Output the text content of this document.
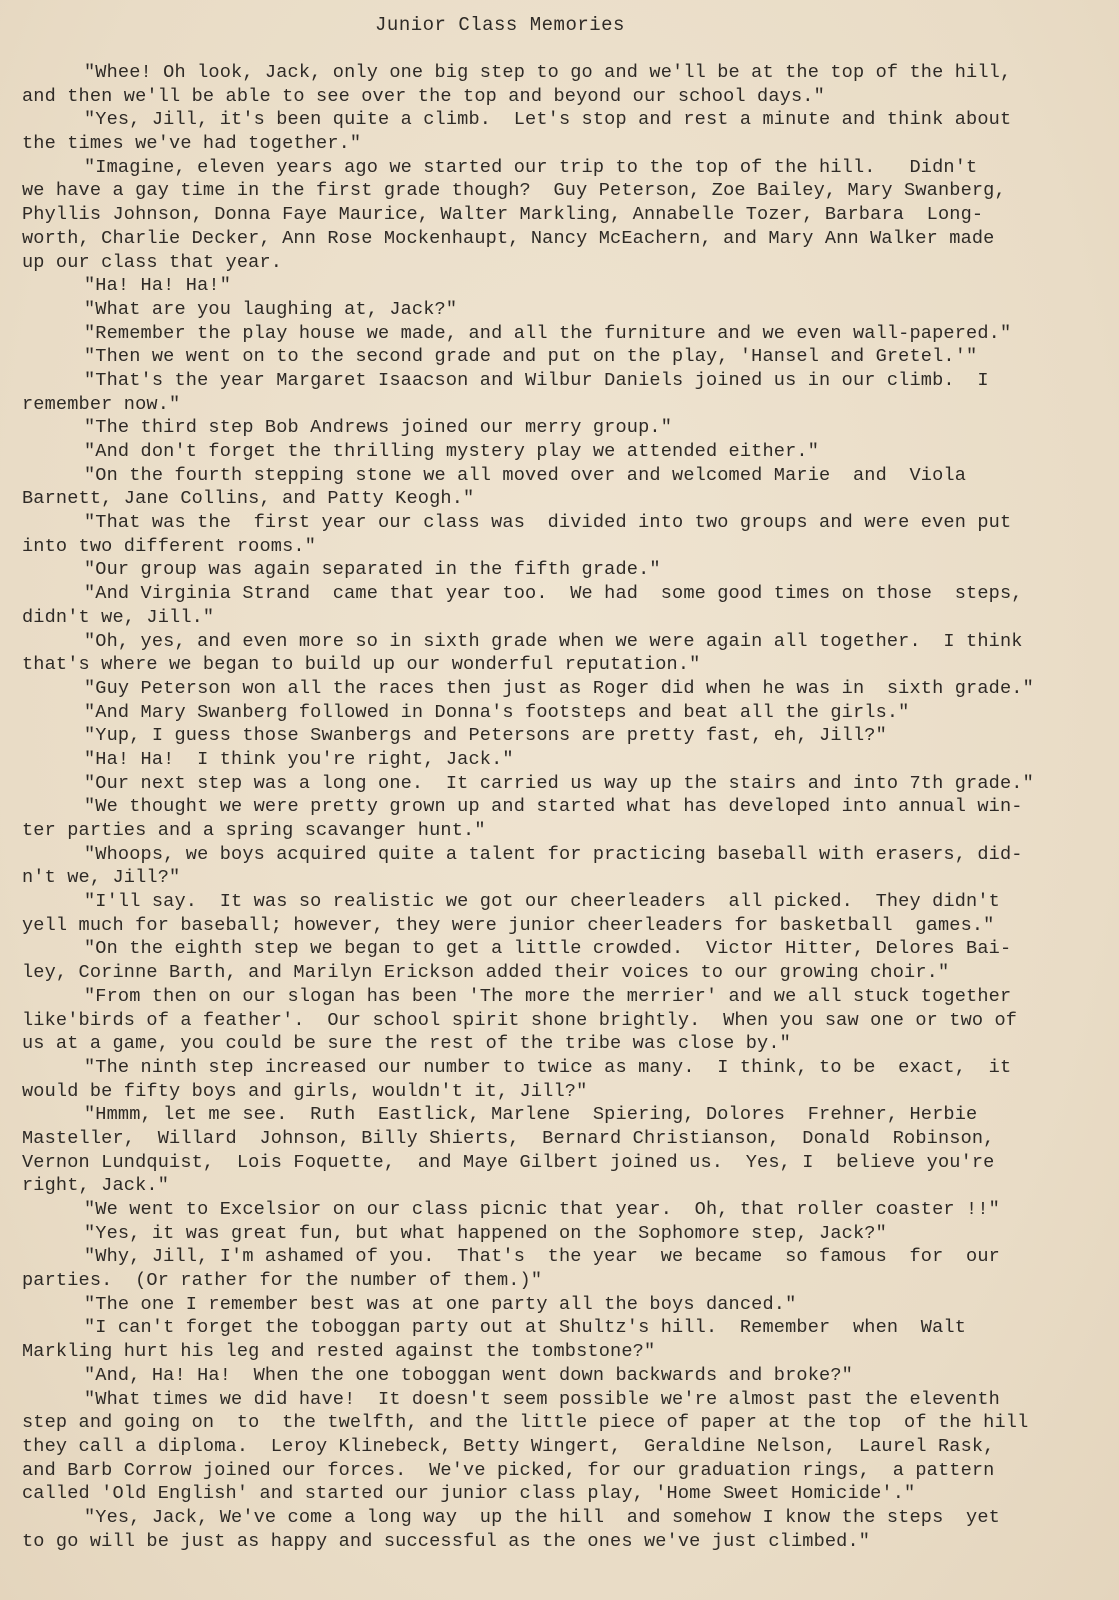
Junior Class Memories
"Whee! Oh look, Jack, only one big step to go and we'll be at the top of the hill,
and then we'll be able to see over the top and beyond our school days."
"Yes, Jill, it's been quite a climb.  Let's stop and rest a minute and think about
the times we've had together."
"Imagine, eleven years ago we started our trip to the top of the hill.   Didn't
we have a gay time in the first grade though?  Guy Peterson, Zoe Bailey, Mary Swanberg,
Phyllis Johnson, Donna Faye Maurice, Walter Markling, Annabelle Tozer, Barbara  Long-
worth, Charlie Decker, Ann Rose Mockenhaupt, Nancy McEachern, and Mary Ann Walker made
up our class that year.
"Ha! Ha! Ha!"
"What are you laughing at, Jack?"
"Remember the play house we made, and all the furniture and we even wall-papered."
"Then we went on to the second grade and put on the play, 'Hansel and Gretel.'"
"That's the year Margaret Isaacson and Wilbur Daniels joined us in our climb.  I
remember now."
"The third step Bob Andrews joined our merry group."
"And don't forget the thrilling mystery play we attended either."
"On the fourth stepping stone we all moved over and welcomed Marie  and  Viola
Barnett, Jane Collins, and Patty Keogh."
"That was the  first year our class was  divided into two groups and were even put
into two different rooms."
"Our group was again separated in the fifth grade."
"And Virginia Strand  came that year too.  We had  some good times on those  steps,
didn't we, Jill."
"Oh, yes, and even more so in sixth grade when we were again all together.  I think
that's where we began to build up our wonderful reputation."
"Guy Peterson won all the races then just as Roger did when he was in  sixth grade."
"And Mary Swanberg followed in Donna's footsteps and beat all the girls."
"Yup, I guess those Swanbergs and Petersons are pretty fast, eh, Jill?"
"Ha! Ha!  I think you're right, Jack."
"Our next step was a long one.  It carried us way up the stairs and into 7th grade."
"We thought we were pretty grown up and started what has developed into annual win-
ter parties and a spring scavanger hunt."
"Whoops, we boys acquired quite a talent for practicing baseball with erasers, did-
n't we, Jill?"
"I'll say.  It was so realistic we got our cheerleaders  all picked.  They didn't
yell much for baseball; however, they were junior cheerleaders for basketball  games."
"On the eighth step we began to get a little crowded.  Victor Hitter, Delores Bai-
ley, Corinne Barth, and Marilyn Erickson added their voices to our growing choir."
"From then on our slogan has been 'The more the merrier' and we all stuck together
like'birds of a feather'.  Our school spirit shone brightly.  When you saw one or two of
us at a game, you could be sure the rest of the tribe was close by."
"The ninth step increased our number to twice as many.  I think, to be  exact,  it
would be fifty boys and girls, wouldn't it, Jill?"
"Hmmm, let me see.  Ruth  Eastlick, Marlene  Spiering, Dolores  Frehner, Herbie
Masteller,  Willard  Johnson, Billy Shierts,  Bernard Christianson,  Donald  Robinson,
Vernon Lundquist,  Lois Foquette,  and Maye Gilbert joined us.  Yes, I  believe you're
right, Jack."
"We went to Excelsior on our class picnic that year.  Oh, that roller coaster !!"
"Yes, it was great fun, but what happened on the Sophomore step, Jack?"
"Why, Jill, I'm ashamed of you.  That's  the year  we became  so famous  for  our
parties.  (Or rather for the number of them.)"
"The one I remember best was at one party all the boys danced."
"I can't forget the toboggan party out at Shultz's hill.  Remember  when  Walt
Markling hurt his leg and rested against the tombstone?"
"And, Ha! Ha!  When the one toboggan went down backwards and broke?"
"What times we did have!  It doesn't seem possible we're almost past the eleventh
step and going on  to  the twelfth, and the little piece of paper at the top  of the hill
they call a diploma.  Leroy Klinebeck, Betty Wingert,  Geraldine Nelson,  Laurel Rask,
and Barb Corrow joined our forces.  We've picked, for our graduation rings,  a pattern
called 'Old English' and started our junior class play, 'Home Sweet Homicide'."
"Yes, Jack, We've come a long way  up the hill  and somehow I know the steps  yet
to go will be just as happy and successful as the ones we've just climbed."
